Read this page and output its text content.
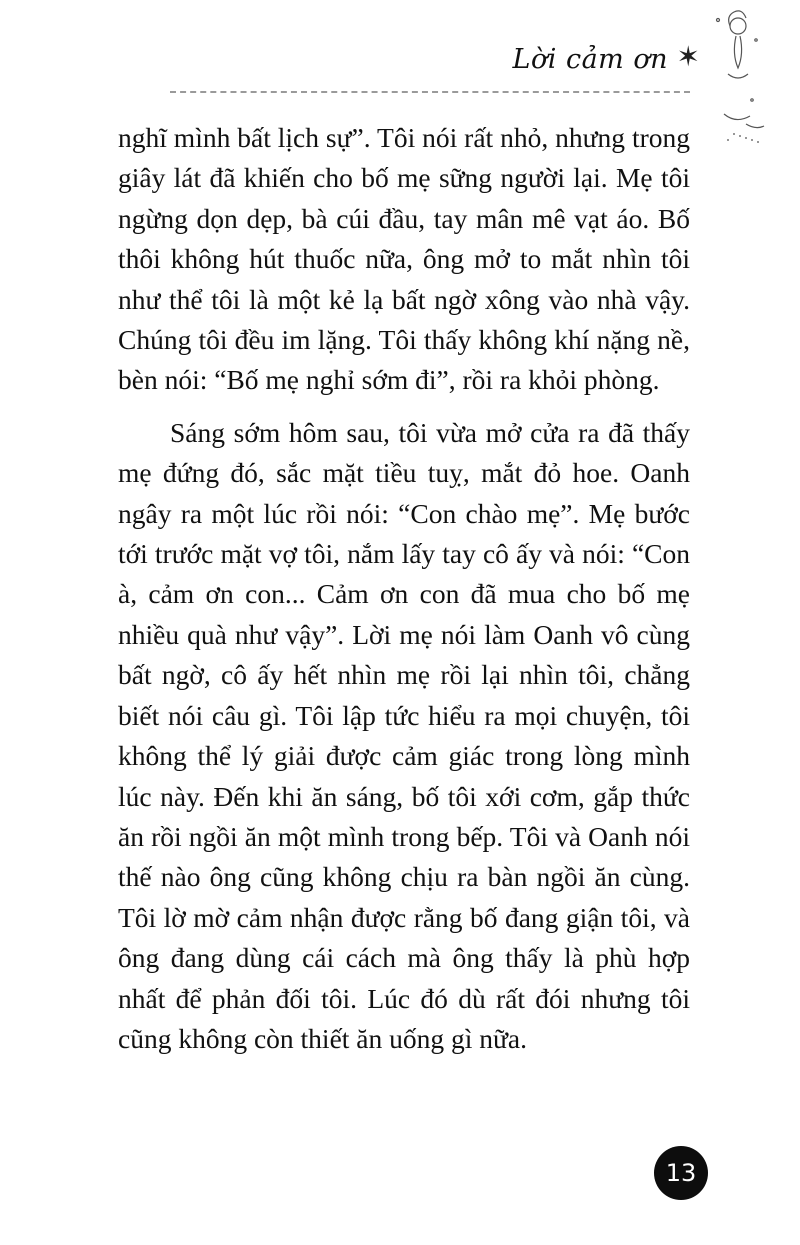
Lời cảm ơn ✶

nghĩ mình bất lịch sự”. Tôi nói rất nhỏ, nhưng trong giây lát đã khiến cho bố mẹ sững người lại. Mẹ tôi ngừng dọn dẹp, bà cúi đầu, tay mân mê vạt áo. Bố thôi không hút thuốc nữa, ông mở to mắt nhìn tôi như thể tôi là một kẻ lạ bất ngờ xông vào nhà vậy. Chúng tôi đều im lặng. Tôi thấy không khí nặng nề, bèn nói: “Bố mẹ nghỉ sớm đi”, rồi ra khỏi phòng.

Sáng sớm hôm sau, tôi vừa mở cửa ra đã thấy mẹ đứng đó, sắc mặt tiều tuỵ, mắt đỏ hoe. Oanh ngây ra một lúc rồi nói: “Con chào mẹ”. Mẹ bước tới trước mặt vợ tôi, nắm lấy tay cô ấy và nói: “Con à, cảm ơn con... Cảm ơn con đã mua cho bố mẹ nhiều quà như vậy”. Lời mẹ nói làm Oanh vô cùng bất ngờ, cô ấy hết nhìn mẹ rồi lại nhìn tôi, chẳng biết nói câu gì. Tôi lập tức hiểu ra mọi chuyện, tôi không thể lý giải được cảm giác trong lòng mình lúc này. Đến khi ăn sáng, bố tôi xới cơm, gắp thức ăn rồi ngồi ăn một mình trong bếp. Tôi và Oanh nói thế nào ông cũng không chịu ra bàn ngồi ăn cùng. Tôi lờ mờ cảm nhận được rằng bố đang giận tôi, và ông đang dùng cái cách mà ông thấy là phù hợp nhất để phản đối tôi. Lúc đó dù rất đói nhưng tôi cũng không còn thiết ăn uống gì nữa.

13
